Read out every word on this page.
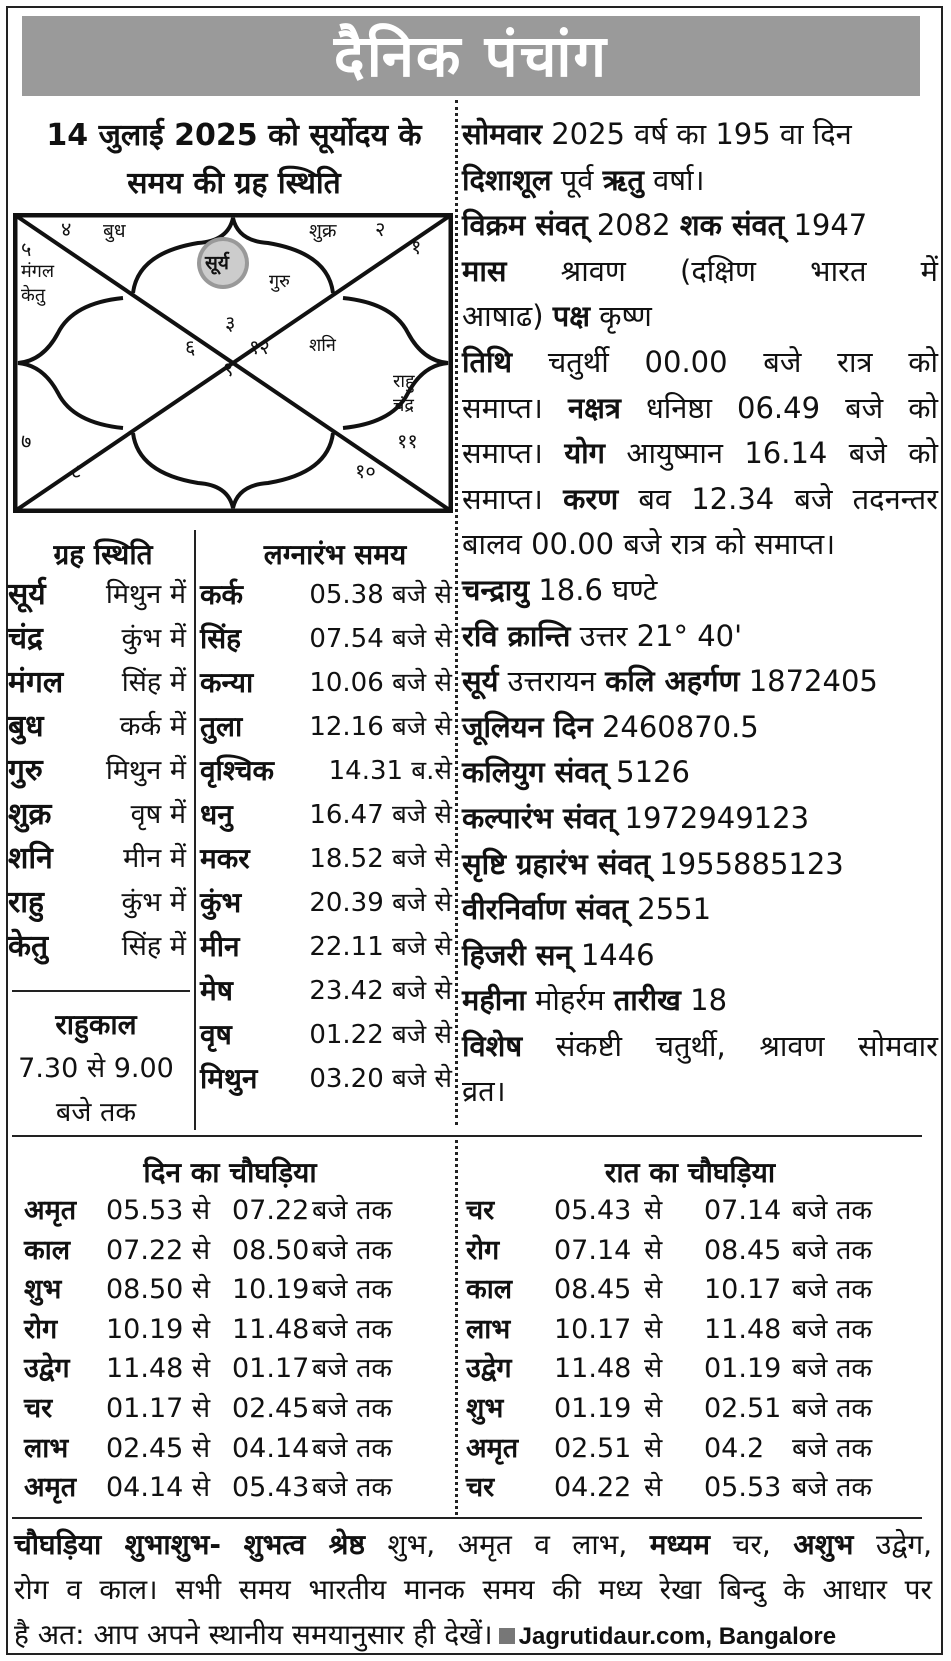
दैनिक पंचांग
14 जुलाई 2025 को सूर्योदय के
समय की ग्रह स्थिति
४	२
१
५
३
६	१२
९
७	११
८	१०
बुध	शुक्र
मंगल
केतु
सूर्य
गुरु
शनि
राहु
चंद्र
ग्रह स्थिति
सूर्य मिथुन में
चंद्र	कुंभ में
मंगल सिंह में
बुध	कर्क में
गुरु मिथुन में
शुक्र	वृष में
शनि	मीन में
राहु	कुंभ में
केतु	सिंह में
लग्नारंभ समय
कर्क	05.38 बजे से
सिंह	07.54 बजे से
कन्या 10.06 बजे से
तुला	12.16 बजे से
वृश्चिक 14.31 ब.से
धनु	16.47 बजे से
मकर 18.52 बजे से
कुंभ	20.39 बजे से
मीन	22.11 बजे से
मेष	23.42 बजे से
वृष	01.22 बजे से
मिथुन 03.20 बजे से
राहुकाल
7.30 से 9.00
बजे तक

सोमवार 2025 वर्ष का 195 वा दिन

दिशाशूल पूर्व ऋतु वर्षा।

विक्रम संवत् 2082 शक संवत् 1947

मास श्रावण (दक्षिण भारत में

आषाढ) पक्ष कृष्ण

तिथि चतुर्थी 00.00 बजे रात्र को

समाप्त। नक्षत्र धनिष्ठा 06.49 बजे को

समाप्त। योग आयुष्मान 16.14 बजे को

समाप्त। करण बव 12.34 बजे तदनन्तर

बालव 00.00 बजे रात्र को समाप्त।

चन्द्रायु 18.6 घण्टे

रवि क्रान्ति उत्तर 21° 40'

सूर्य उत्तरायन कलि अहर्गण 1872405

जूलियन दिन 2460870.5

कलियुग संवत् 5126

कल्पारंभ संवत् 1972949123

सृष्टि ग्रहारंभ संवत् 1955885123

वीरनिर्वाण संवत् 2551

हिजरी सन् 1446

महीना मोहर्रम तारीख 18

विशेष संकष्टी चतुर्थी, श्रावण सोमवार

व्रत।

दिन का चौघड़िया	रात का चौघड़िया
अमृत 05.53 से 07.22 बजे तक
काल 07.22 से 08.50 बजे तक
शुभ 08.50 से 10.19 बजे तक
रोग 10.19 से 11.48 बजे तक
उद्वेग 11.48 से 01.17 बजे तक
चर 01.17 से 02.45 बजे तक
लाभ 02.45 से 04.14 बजे तक
अमृत 04.14 से 05.43 बजे तक
चर 05.43 से 07.14 बजे तक
रोग 07.14 से 08.45 बजे तक
काल 08.45 से 10.17 बजे तक
लाभ 10.17 से 11.48 बजे तक
उद्वेग 11.48 से 01.19 बजे तक
शुभ 01.19 से 02.51 बजे तक
अमृत 02.51 से 04.2 बजे तक
चर 04.22 से 05.53 बजे तक

चौघड़िया शुभाशुभ- शुभत्व श्रेष्ठ शुभ, अमृत व लाभ, मध्यम चर, अशुभ उद्वेग,

रोग व काल। सभी समय भारतीय मानक समय की मध्य रेखा बिन्दु के आधार पर

है अत: आप अपने स्थानीय समयानुसार ही देखें। Jagrutidaur.com, Bangalore
